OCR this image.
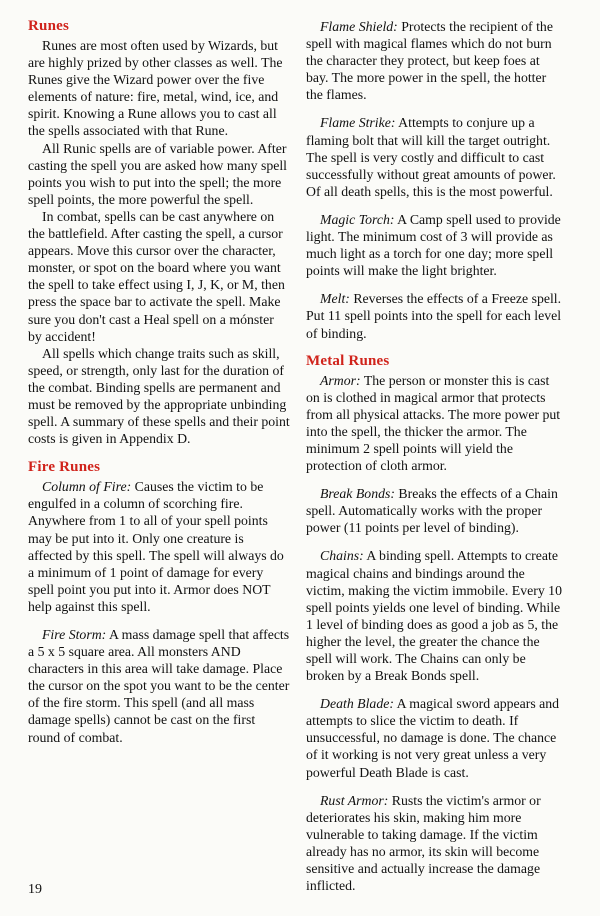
Runes

Runes are most often used by Wizards, but are highly prized by other classes as well. The Runes give the Wizard power over the five elements of nature: fire, metal, wind, ice, and spirit. Knowing a Rune allows you to cast all the spells associated with that Rune.

All Runic spells are of variable power. After casting the spell you are asked how many spell points you wish to put into the spell; the more spell points, the more powerful the spell.

In combat, spells can be cast anywhere on the battlefield. After casting the spell, a cursor appears. Move this cursor over the character, monster, or spot on the board where you want the spell to take effect using I, J, K, or M, then press the space bar to activate the spell. Make sure you don't cast a Heal spell on a mónster by accident!

All spells which change traits such as skill, speed, or strength, only last for the duration of the combat. Binding spells are permanent and must be removed by the appropriate unbinding spell. A summary of these spells and their point costs is given in Appendix D.

Fire Runes

Column of Fire: Causes the victim to be engulfed in a column of scorching fire. Anywhere from 1 to all of your spell points may be put into it. Only one creature is affected by this spell. The spell will always do a minimum of 1 point of damage for every spell point you put into it. Armor does NOT help against this spell.

Fire Storm: A mass damage spell that affects a 5 x 5 square area. All monsters AND characters in this area will take damage. Place the cursor on the spot you want to be the center of the fire storm. This spell (and all mass damage spells) cannot be cast on the first round of combat.

Flame Shield: Protects the recipient of the spell with magical flames which do not burn the character they protect, but keep foes at bay. The more power in the spell, the hotter the flames.

Flame Strike: Attempts to conjure up a flaming bolt that will kill the target outright. The spell is very costly and difficult to cast successfully without great amounts of power. Of all death spells, this is the most powerful.

Magic Torch: A Camp spell used to provide light. The minimum cost of 3 will provide as much light as a torch for one day; more spell points will make the light brighter.

Melt: Reverses the effects of a Freeze spell. Put 11 spell points into the spell for each level of binding.

Metal Runes

Armor: The person or monster this is cast on is clothed in magical armor that protects from all physical attacks. The more power put into the spell, the thicker the armor. The minimum 2 spell points will yield the protection of cloth armor.

Break Bonds: Breaks the effects of a Chain spell. Automatically works with the proper power (11 points per level of binding).

Chains: A binding spell. Attempts to create magical chains and bindings around the victim, making the victim immobile. Every 10 spell points yields one level of binding. While 1 level of binding does as good a job as 5, the higher the level, the greater the chance the spell will work. The Chains can only be broken by a Break Bonds spell.

Death Blade: A magical sword appears and attempts to slice the victim to death. If unsuccessful, no damage is done. The chance of it working is not very great unless a very powerful Death Blade is cast.

Rust Armor: Rusts the victim's armor or deteriorates his skin, making him more vulnerable to taking damage. If the victim already has no armor, its skin will become sensitive and actually increase the damage inflicted.

19
